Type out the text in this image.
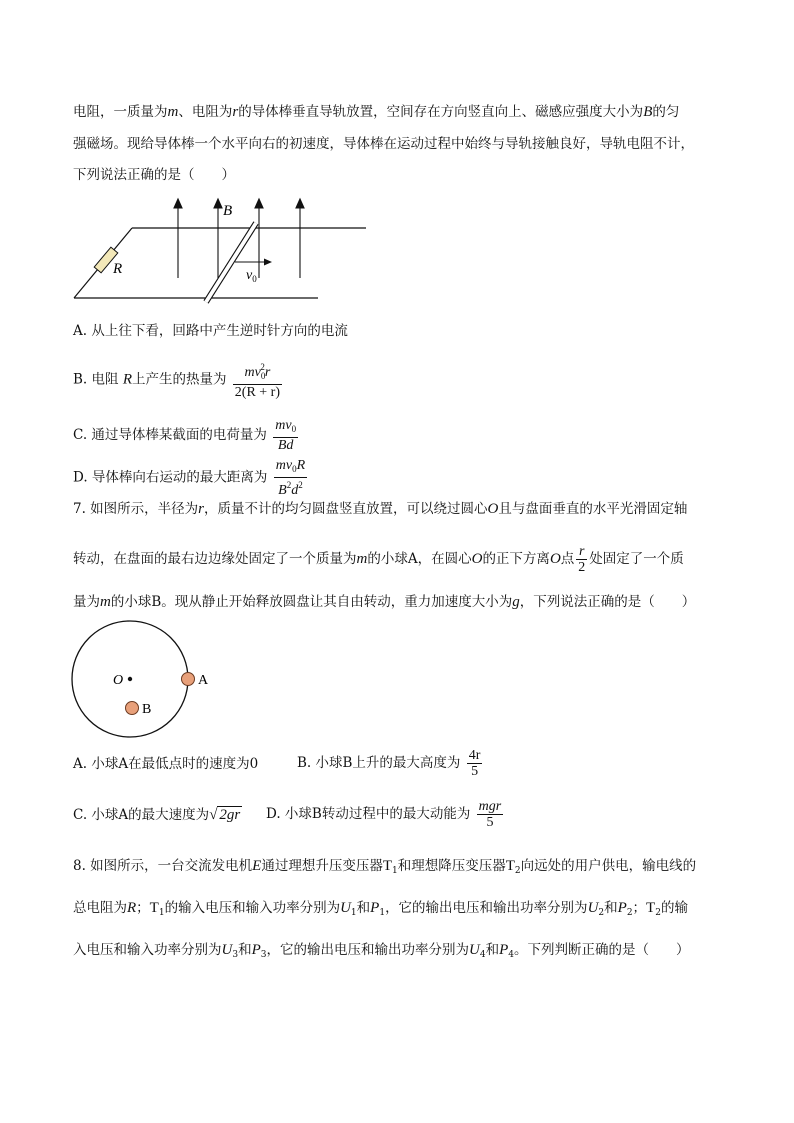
电阻，一质量为m、电阻为r的导体棒垂直导轨放置，空间存在方向竖直向上、磁感应强度大小为B的匀
强磁场。现给导体棒一个水平向右的初速度，导体棒在运动过程中始终与导轨接触良好，导轨电阻不计，
下列说法正确的是（　　）
R
B
$v_0$
A. 从上往下看，回路中产生逆时针方向的电流
B. 电阻 R上产生的热量为 $\frac{mv_0^2r}{2(R + r)}$
C. 通过导体棒某截面的电荷量为 $\frac{mv_0}{Bd}$
D. 导体棒向右运动的最大距离为 $\frac{mv_0R}{B^2d^2}$
7. 如图所示，半径为r，质量不计的均匀圆盘竖直放置，可以绕过圆心O且与盘面垂直的水平光滑固定轴
转动，在盘面的最右边边缘处固定了一个质量为m的小球A，在圆心O的正下方离O点 $\frac{r}{2}$ 处固定了一个质
量为m的小球B。现从静止开始释放圆盘让其自由转动，重力加速度大小为g，下列说法正确的是（　　）
O	A
B
A. 小球A在最低点时的速度为0	B. 小球B上升的最大高度为 $\frac{4r}{5}$
C. 小球A的最大速度为√ 2gr D. 小球B转动过程中的最大动能为 $\frac{\text{mgr}}{5}$
8. 如图所示，一台交流发电机E通过理想升压变压器$T_1$和理想降压变压器$T_2$向远处的用户供电，输电线的
总电阻为R；$T_1$的输入电压和输入功率分别为$U_1$和$P_1$，它的输出电压和输出功率分别为$U_2$和$P_2$；$T_2$的输
入电压和输入功率分别为$U_3$和$P_3$，它的输出电压和输出功率分别为$U_4$和$P_4$。下列判断正确的是（　　）
